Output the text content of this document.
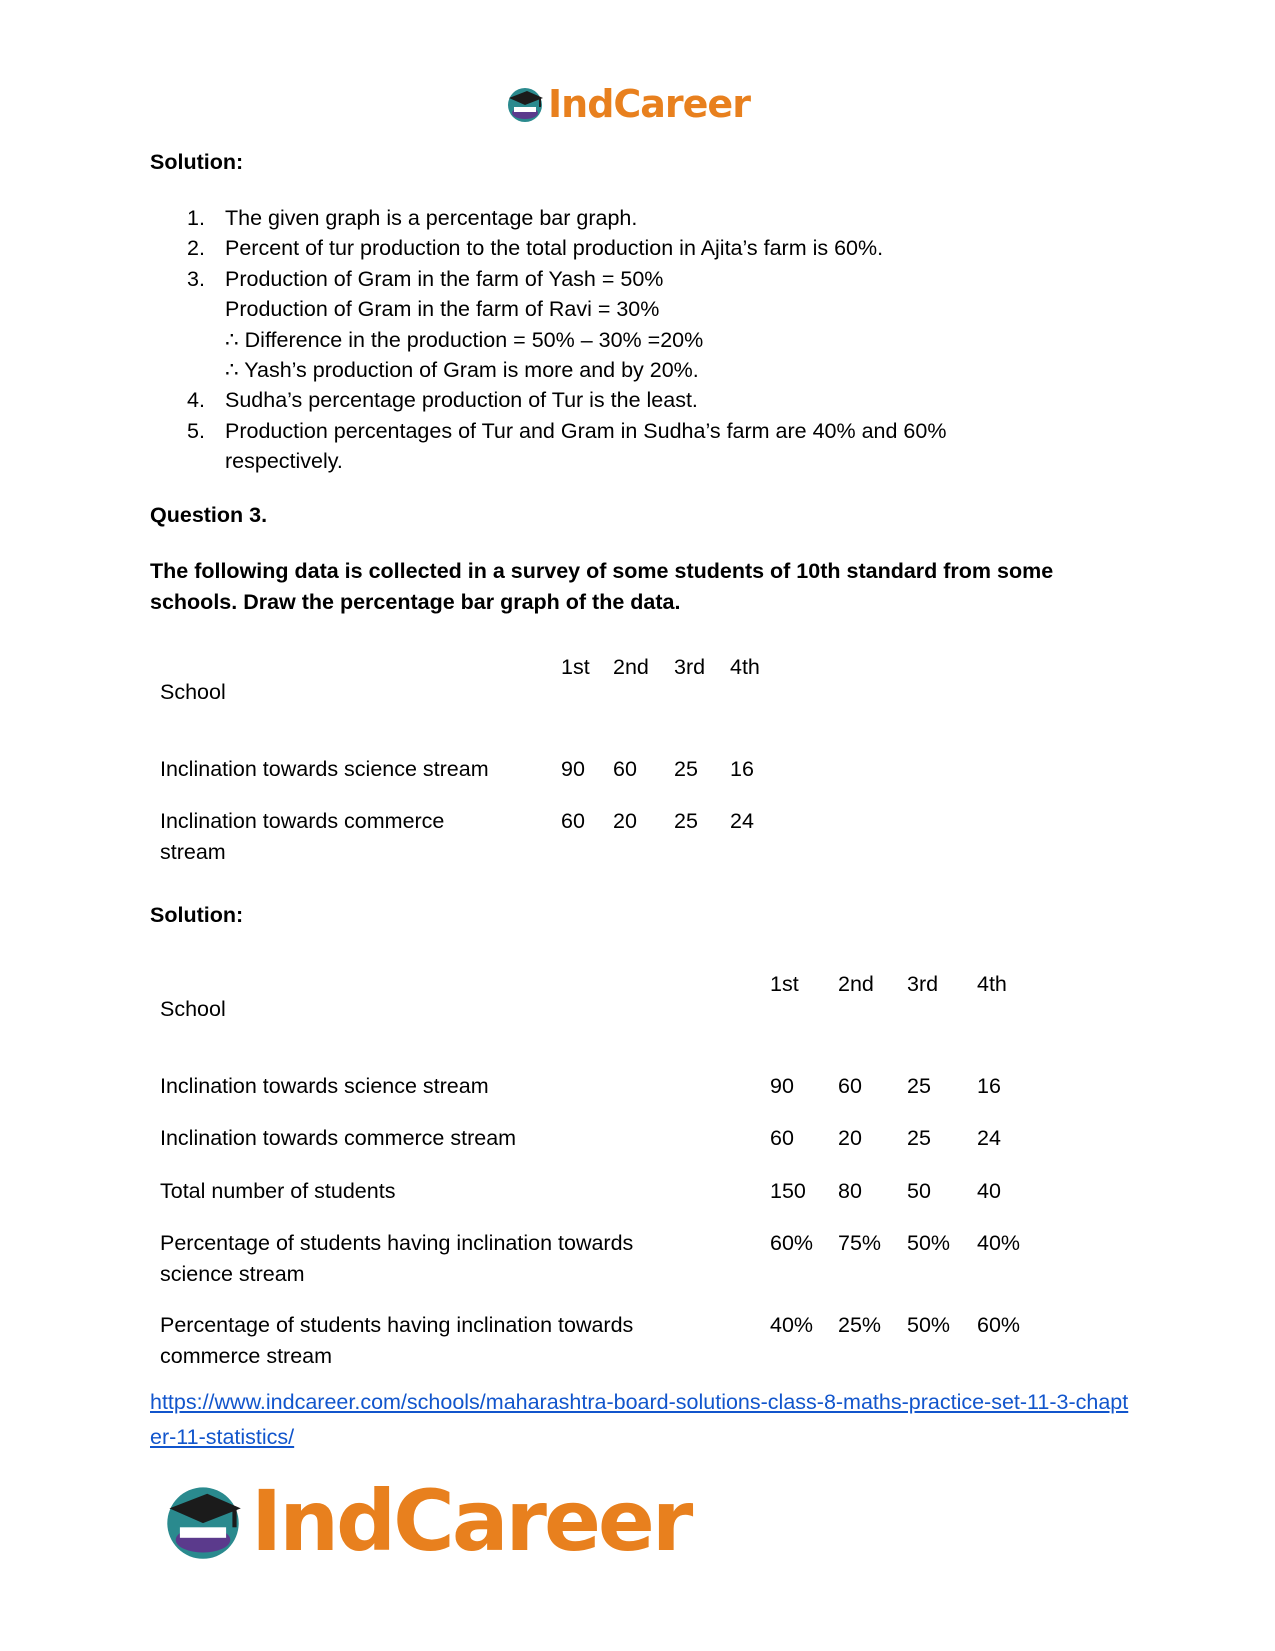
IndCareer
Solution:
1. The given graph is a percentage bar graph.
2. Percent of tur production to the total production in Ajita’s farm is 60%.
3. Production of Gram in the farm of Yash = 50%
Production of Gram in the farm of Ravi = 30%
∴ Difference in the production = 50% – 30% =20%
∴ Yash’s production of Gram is more and by 20%.
4. Sudha’s percentage production of Tur is the least.
5. Production percentages of Tur and Gram in Sudha’s farm are 40% and 60%
respectively.
Question 3.
The following data is collected in a survey of some students of 10th standard from some schools. Draw the percentage bar graph of the data.
School
1st 2nd 3rd 4th
Inclination towards science stream	90 60 25 16
Inclination towards commerce stream
60 20 25 24
Solution:
School
1st 2nd 3rd 4th
Inclination towards science stream	90 60 25 16
Inclination towards commerce stream	60 20 25 24
Total number of students	150 80 50 40
Percentage of students having inclination towards science stream
60% 75% 50% 40%
Percentage of students having inclination towards commerce stream
40% 25% 50% 60%
https://www.indcareer.com/schools/maharashtra-board-solutions-class-8-maths-practice-set-11-3-chapter-11-statistics/
IndCareer
